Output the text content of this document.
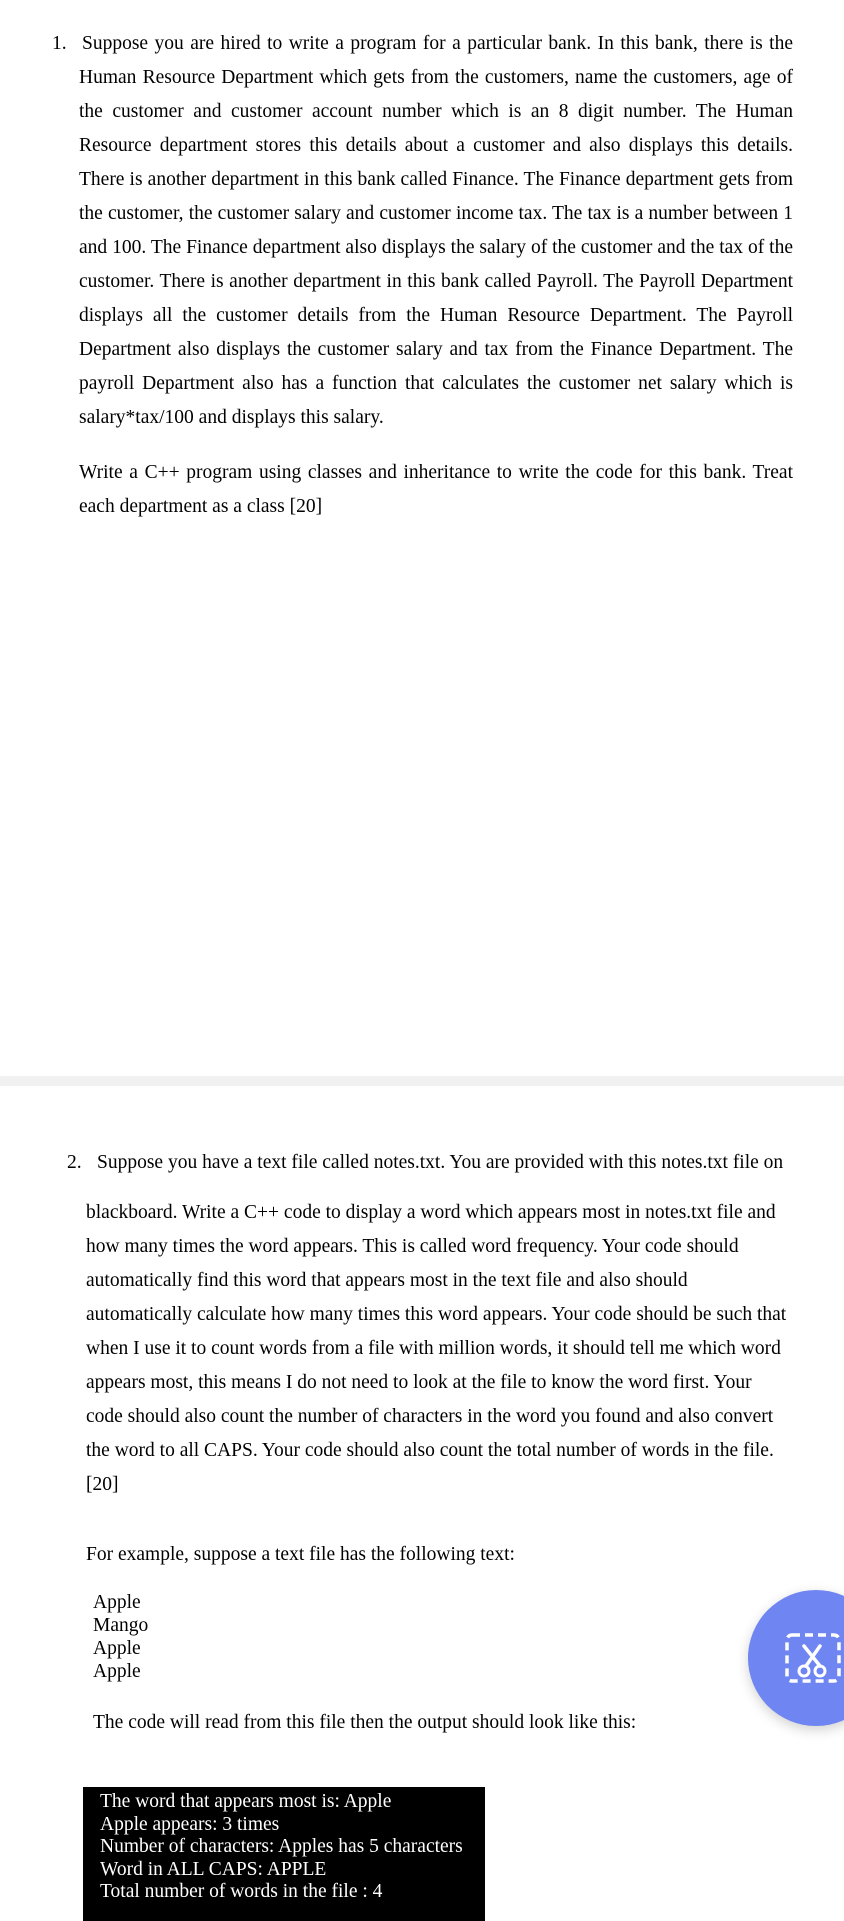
1. Suppose you are hired to write a program for a particular bank. In this bank, there is the
Human Resource Department which gets from the customers, name the customers, age of
the customer and customer account number which is an 8 digit number. The Human
Resource department stores this details about a customer and also displays this details.
There is another department in this bank called Finance. The Finance department gets from
the customer, the customer salary and customer income tax. The tax is a number between 1
and 100. The Finance department also displays the salary of the customer and the tax of the
customer. There is another department in this bank called Payroll. The Payroll Department
displays all the customer details from the Human Resource Department. The Payroll
Department also displays the customer salary and tax from the Finance Department. The
payroll Department also has a function that calculates the customer net salary which is
salary*tax/100 and displays this salary.
Write a C++ program using classes and inheritance to write the code for this bank. Treat
each department as a class [20]
2. Suppose you have a text file called notes.txt. You are provided with this notes.txt file on
blackboard. Write a C++ code to display a word which appears most in notes.txt file and
how many times the word appears. This is called word frequency. Your code should
automatically find this word that appears most in the text file and also should
automatically calculate how many times this word appears. Your code should be such that
when I use it to count words from a file with million words, it should tell me which word
appears most, this means I do not need to look at the file to know the word first. Your
code should also count the number of characters in the word you found and also convert
the word to all CAPS. Your code should also count the total number of words in the file.
[20]
For example, suppose a text file has the following text:
Apple
Mango
Apple
Apple
The code will read from this file then the output should look like this:
The word that appears most is: Apple
Apple appears: 3 times
Number of characters: Apples has 5 characters
Word in ALL CAPS: APPLE
Total number of words in the file : 4
